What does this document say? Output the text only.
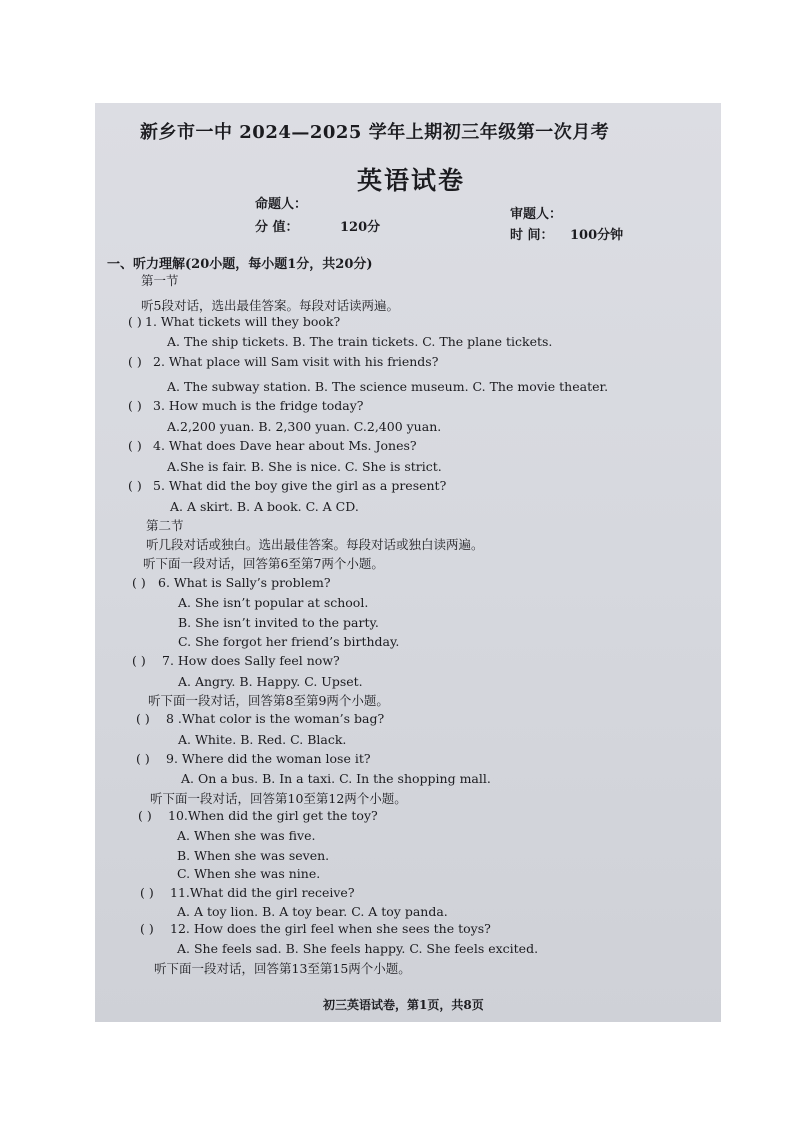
新乡市一中 2024—2025 学年上期初三年级第一次月考
英语试卷
命题人：
分 值：	120分
审题人：
时 间： 100分钟
一、听力理解(20小题，每小题1分，共20分)
第一节
听5段对话，选出最佳答案。每段对话读两遍。
第二节
听几段对话或独白。选出最佳答案。每段对话或独白读两遍。
听下面一段对话，回答第6至第7两个小题。
听下面一段对话，回答第8至第9两个小题。
听下面一段对话，回答第10至第12两个小题。
听下面一段对话，回答第13至第15两个小题。
( ) 1. What tickets will they book?
A. The ship tickets. B. The train tickets. C. The plane tickets.
( ) 2. What place will Sam visit with his friends?
A. The subway station. B. The science museum. C. The movie theater.
( ) 3. How much is the fridge today?
A.2,200 yuan. B. 2,300 yuan. C.2,400 yuan.
( ) 4. What does Dave hear about Ms. Jones?
A.She is fair. B. She is nice. C. She is strict.
( ) 5. What did the boy give the girl as a present?
A. A skirt. B. A book. C. A CD.
( ) 6. What is Sally’s problem?
A. She isn’t popular at school.
B. She isn’t invited to the party.
C. She forgot her friend’s birthday.
( ) 7. How does Sally feel now?
A. Angry. B. Happy. C. Upset.
( ) 8 .What color is the woman’s bag?
A. White. B. Red. C. Black.
( ) 9. Where did the woman lose it?
A. On a bus. B. In a taxi. C. In the shopping mall.
( ) 10.When did the girl get the toy?
A. When she was five.
B. When she was seven.
C. When she was nine.
( ) 11.What did the girl receive?
A. A toy lion. B. A toy bear. C. A toy panda.
( ) 12. How does the girl feel when she sees the toys?
A. She feels sad. B. She feels happy. C. She feels excited.
初三英语试卷，第1页，共8页
